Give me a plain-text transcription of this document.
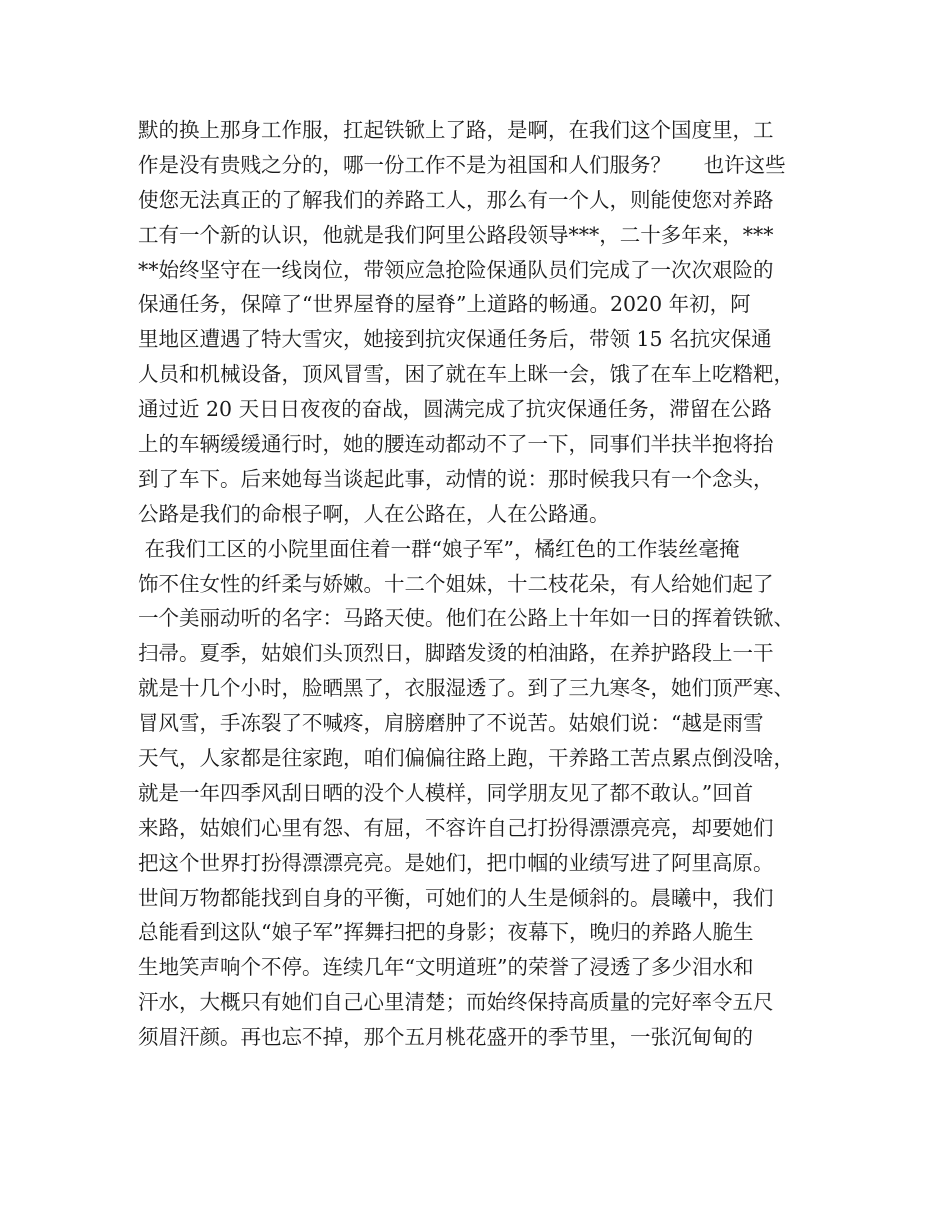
默的换上那身工作服，扛起铁锨上了路，是啊，在我们这个国度里，工
作是没有贵贱之分的，哪一份工作不是为祖国和人们服务？     也许这些
使您无法真正的了解我们的养路工人，那么有一个人，则能使您对养路
工有一个新的认识，他就是我们阿里公路段领导***，二十多年来，***
**始终坚守在一线岗位，带领应急抢险保通队员们完成了一次次艰险的
保通任务，保障了“世界屋脊的屋脊”上道路的畅通。2020 年初，阿
里地区遭遇了特大雪灾，她接到抗灾保通任务后，带领 15 名抗灾保通
人员和机械设备，顶风冒雪，困了就在车上眯一会，饿了在车上吃糌粑，
通过近 20 天日日夜夜的奋战，圆满完成了抗灾保通任务，滞留在公路
上的车辆缓缓通行时，她的腰连动都动不了一下，同事们半扶半抱将抬
到了车下。后来她每当谈起此事，动情的说：那时候我只有一个念头，
公路是我们的命根子啊，人在公路在，人在公路通。
在我们工区的小院里面住着一群“娘子军”，橘红色的工作装丝毫掩
饰不住女性的纤柔与娇嫩。十二个姐妹，十二枝花朵，有人给她们起了
一个美丽动听的名字：马路天使。他们在公路上十年如一日的挥着铁锨、
扫帚。夏季，姑娘们头顶烈日，脚踏发烫的柏油路，在养护路段上一干
就是十几个小时，脸晒黑了，衣服湿透了。到了三九寒冬，她们顶严寒、
冒风雪，手冻裂了不喊疼，肩膀磨肿了不说苦。姑娘们说：“越是雨雪
天气，人家都是往家跑，咱们偏偏往路上跑，干养路工苦点累点倒没啥，
就是一年四季风刮日晒的没个人模样，同学朋友见了都不敢认。”回首
来路，姑娘们心里有怨、有屈，不容许自己打扮得漂漂亮亮，却要她们
把这个世界打扮得漂漂亮亮。是她们，把巾帼的业绩写进了阿里高原。
世间万物都能找到自身的平衡，可她们的人生是倾斜的。晨曦中，我们
总能看到这队“娘子军”挥舞扫把的身影；夜幕下，晚归的养路人脆生
生地笑声响个不停。连续几年“文明道班”的荣誉了浸透了多少泪水和
汗水，大概只有她们自己心里清楚；而始终保持高质量的完好率令五尺
须眉汗颜。再也忘不掉，那个五月桃花盛开的季节里，一张沉甸甸的
